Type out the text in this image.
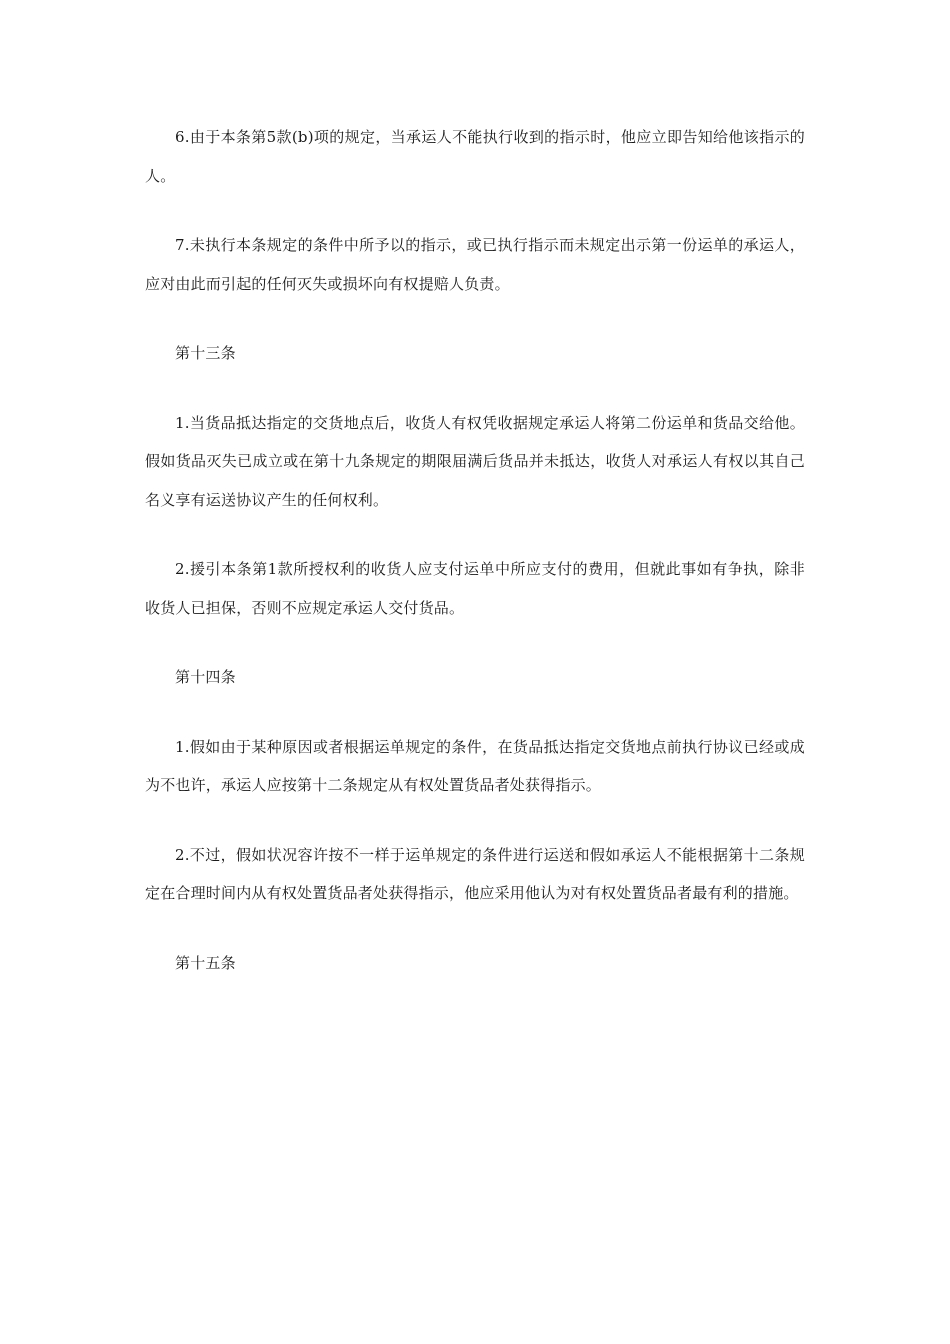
6.由于本条第5款(b)项的规定，当承运人不能执行收到的指示时，他应立即告知给他该指示的人。

7.未执行本条规定的条件中所予以的指示，或已执行指示而未规定出示第一份运单的承运人，应对由此而引起的任何灭失或损坏向有权提赔人负责。

第十三条

1.当货品抵达指定的交货地点后，收货人有权凭收据规定承运人将第二份运单和货品交给他。假如货品灭失已成立或在第十九条规定的期限届满后货品并未抵达，收货人对承运人有权以其自己名义享有运送协议产生的任何权利。

2.援引本条第1款所授权利的收货人应支付运单中所应支付的费用，但就此事如有争执，除非收货人已担保，否则不应规定承运人交付货品。

第十四条

1.假如由于某种原因或者根据运单规定的条件，在货品抵达指定交货地点前执行协议已经或成为不也许，承运人应按第十二条规定从有权处置货品者处获得指示。

2.不过，假如状况容许按不一样于运单规定的条件进行运送和假如承运人不能根据第十二条规定在合理时间内从有权处置货品者处获得指示，他应采用他认为对有权处置货品者最有利的措施。

第十五条
